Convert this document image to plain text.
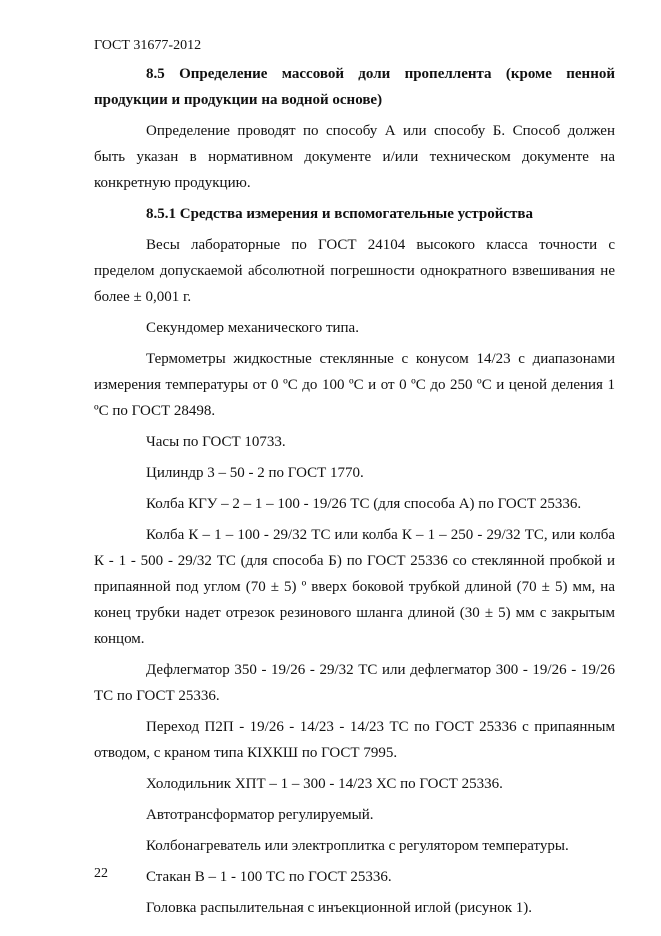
ГОСТ 31677-2012

8.5 Определение массовой доли пропеллента (кроме пенной продукции и продукции на водной основе)

Определение проводят по способу А или способу Б. Способ должен быть указан в нормативном документе и/или техническом документе на конкретную продукцию.

8.5.1 Средства измерения и вспомогательные устройства

Весы лабораторные по ГОСТ 24104 высокого класса точности с пределом допускаемой абсолютной погрешности однократного взвешивания не более ± 0,001 г.

Секундомер механического типа.

Термометры жидкостные стеклянные с конусом 14/23 с диапазонами измерения температуры от 0 ºС до 100 ºС и от 0 ºС до 250 ºС и ценой деления 1 ºС по ГОСТ 28498.

Часы по ГОСТ 10733.

Цилиндр 3 – 50 - 2 по ГОСТ 1770.

Колба КГУ – 2 – 1 – 100 - 19/26 ТС (для способа А) по ГОСТ 25336.

Колба К – 1 – 100 - 29/32 ТС или колба К – 1 – 250 - 29/32 ТС, или колба К - 1 - 500 - 29/32 ТС (для способа Б) по ГОСТ 25336 со стеклянной пробкой и припаянной под углом (70 ± 5) º вверх боковой трубкой длиной (70 ± 5) мм, на конец трубки надет отрезок резинового шланга длиной (30 ± 5) мм с закрытым концом.

Дефлегматор 350 - 19/26 - 29/32 ТС или дефлегматор 300 - 19/26 - 19/26 ТС по ГОСТ 25336.

Переход П2П - 19/26 - 14/23 - 14/23 ТС по ГОСТ 25336 с припаянным отводом, с краном типа КIХКШ по ГОСТ 7995.

Холодильник ХПТ – 1 – 300 - 14/23 ХС по ГОСТ 25336.

Автотрансформатор регулируемый.

Колбонагреватель или электроплитка с регулятором температуры.

Стакан В – 1 - 100 ТС по ГОСТ 25336.

Головка распылительная с инъекционной иглой (рисунок 1).

22
